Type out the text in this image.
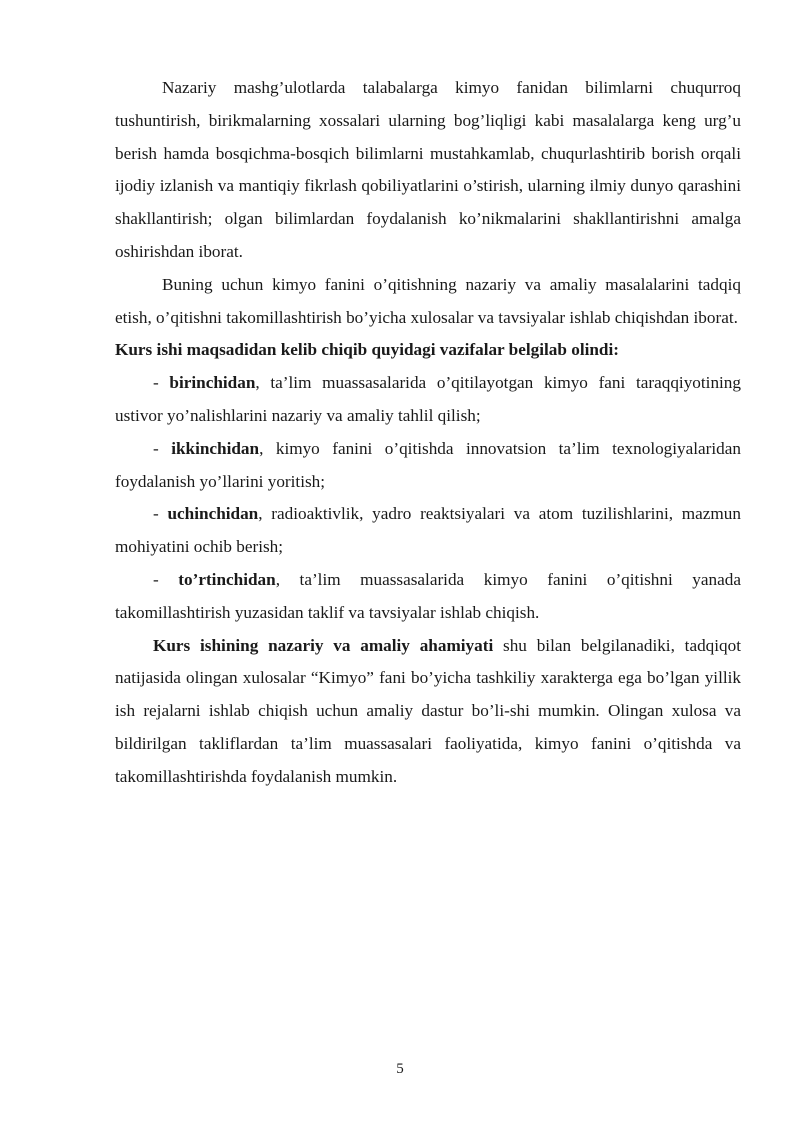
Nazariy mashg’ulotlarda talabalarga kimyo fanidan bilimlarni chuqurroq tushuntirish, birikmalarning xossalari ularning bog’liqligi kabi masalalarga keng urg’u berish hamda bosqichma-bosqich bilimlarni mustahkamlab, chuqurlashtirib borish orqali ijodiy izlanish va mantiqiy fikrlash qobiliyatlarini o’stirish, ularning ilmiy dunyo qarashini shakllantirish; olgan bilimlardan foydalanish ko’nikmalarini shakllantirishni amalga oshirishdan iborat.

Buning uchun kimyo fanini o’qitishning nazariy va amaliy masalalarini tadqiq etish, o’qitishni takomillashtirish bo’yicha xulosalar va tavsiyalar ishlab chiqishdan iborat.

Kurs ishi maqsadidan kelib chiqib quyidagi vazifalar belgilab olindi:

- birinchidan, ta’lim muassasalarida o’qitilayotgan kimyo fani taraqqiyotining ustivor yo’nalishlarini nazariy va amaliy tahlil qilish;

- ikkinchidan, kimyo fanini o’qitishda innovatsion ta’lim texnologiyalaridan foydalanish yo’llarini yoritish;

- uchinchidan, radioaktivlik, yadro reaktsiyalari va atom tuzilishlarini, mazmun mohiyatini ochib berish;

- to’rtinchidan, ta’lim muassasalarida kimyo fanini o’qitishni yanada takomillashtirish yuzasidan taklif va tavsiyalar ishlab chiqish.

Kurs ishining nazariy va amaliy ahamiyati shu bilan belgilanadiki, tadqiqot natijasida olingan xulosalar “Kimyo” fani bo’yicha tashkiliy xarakterga ega bo’lgan yillik ish rejalarni ishlab chiqish uchun amaliy dastur bo’li-shi mumkin. Olingan xulosa va bildirilgan takliflardan ta’lim muassasalari faoliyatida, kimyo fanini o’qitishda va takomillashtirishda foydalanish mumkin.

5
